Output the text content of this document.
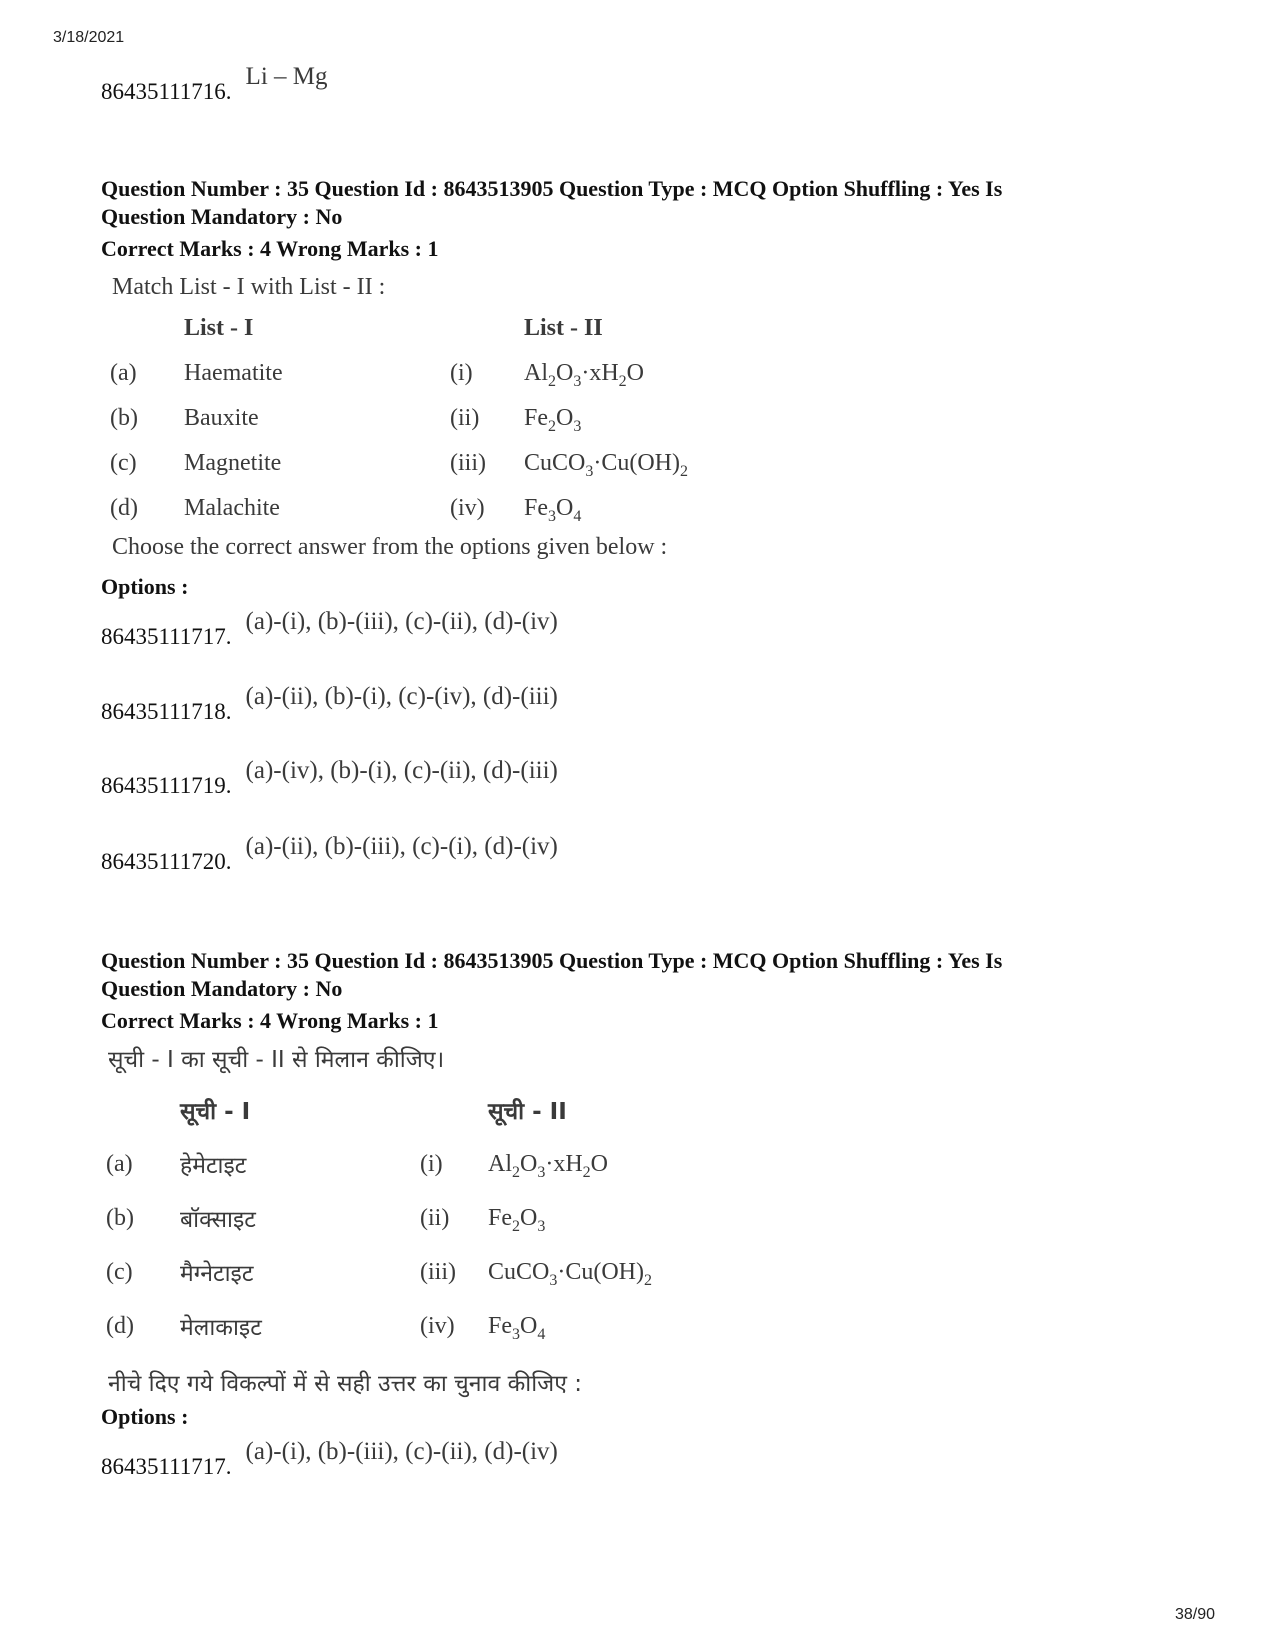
3/18/2021
86435111716.
Li – Mg
Question Number : 35 Question Id : 8643513905 Question Type : MCQ Option Shuffling : Yes Is
Question Mandatory : No
Correct Marks : 4 Wrong Marks : 1
Match List - I with List - II :
	List - I		List - II
(a)	Haematite	(i)	$Al_2O_3\cdot xH_2O$
(b)	Bauxite	(ii)	$Fe_2O_3$
(c)	Magnetite	(iii)	$CuCO_3\cdot Cu(OH)_2$
(d)	Malachite	(iv)	$Fe_3O_4$
Choose the correct answer from the options given below :
Options :
86435111717.
(a)-(i), (b)-(iii), (c)-(ii), (d)-(iv)
86435111718.
(a)-(ii), (b)-(i), (c)-(iv), (d)-(iii)
86435111719.
(a)-(iv), (b)-(i), (c)-(ii), (d)-(iii)
86435111720.
(a)-(ii), (b)-(iii), (c)-(i), (d)-(iv)
Question Number : 35 Question Id : 8643513905 Question Type : MCQ Option Shuffling : Yes Is
Question Mandatory : No
Correct Marks : 4 Wrong Marks : 1
सूची - I का सूची - II से मिलान कीजिए।
	सूची - I		सूची - II
(a)	हेमेटाइट	(i)	$Al_2O_3\cdot xH_2O$
(b)	बॉक्साइट	(ii)	$Fe_2O_3$
(c)	मैग्नेटाइट	(iii)	$CuCO_3\cdot Cu(OH)_2$
(d)	मेलाकाइट	(iv)	$Fe_3O_4$
नीचे दिए गये विकल्पों में से सही उत्तर का चुनाव कीजिए :
Options :
86435111717.
(a)-(i), (b)-(iii), (c)-(ii), (d)-(iv)
38/90
